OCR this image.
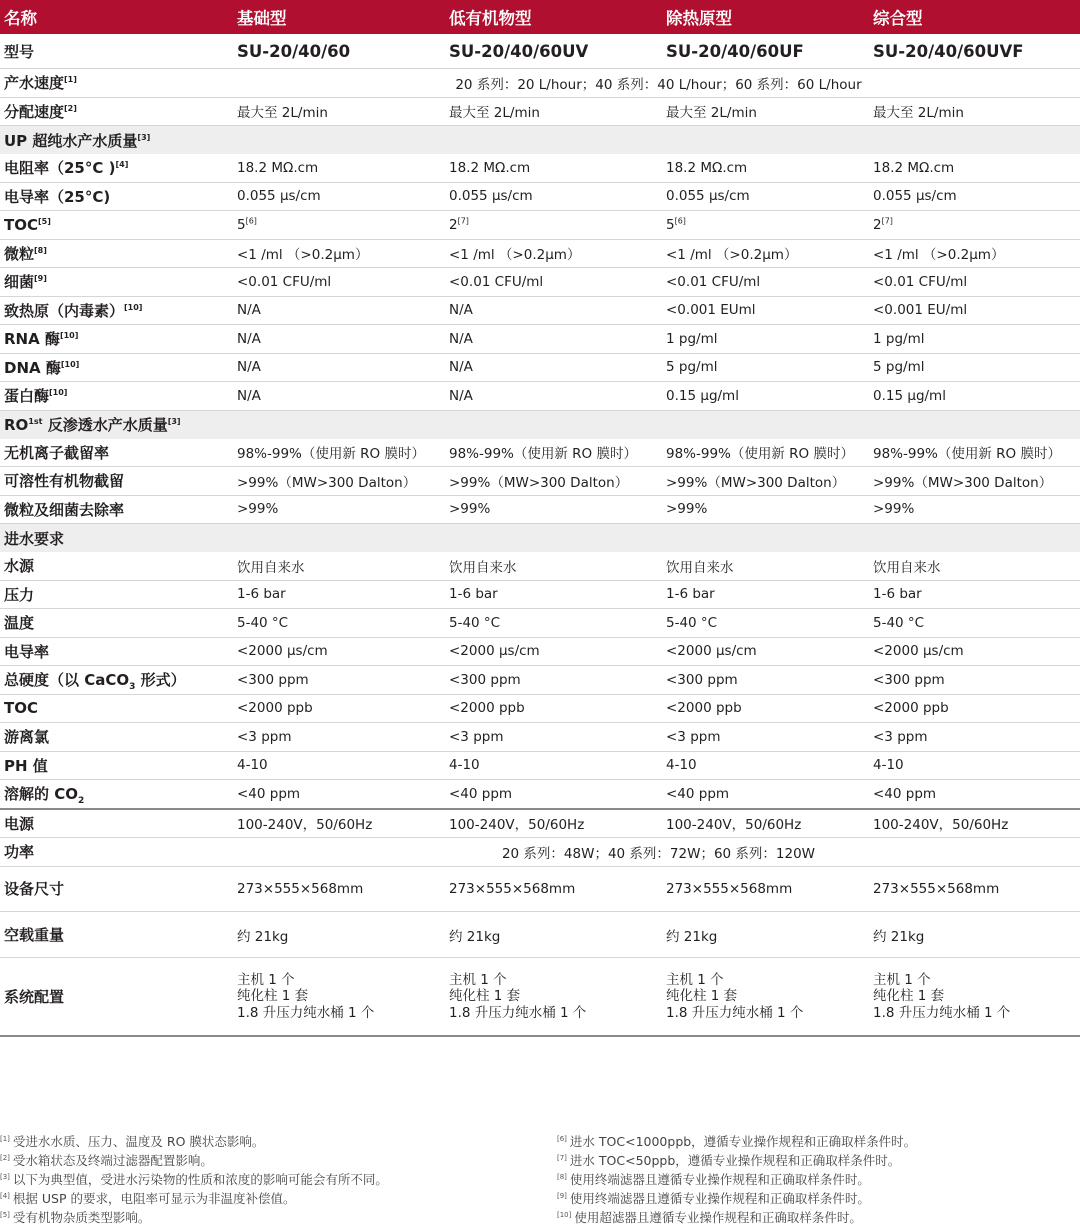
名称	基础型	低有机物型	除热原型	综合型
型号	SU-20/40/60	SU-20/40/60UV	SU-20/40/60UF	SU-20/40/60UVF
产水速度[1]	20 系列：20 L/hour；40 系列：40 L/hour；60 系列：60 L/hour			
分配速度[2]	最大至 2L/min	最大至 2L/min	最大至 2L/min	最大至 2L/min
UP 超纯水产水质量[3]
电阻率（25°C )[4]	18.2 MΩ.cm	18.2 MΩ.cm	18.2 MΩ.cm	18.2 MΩ.cm
电导率（25°C)	0.055 µs/cm	0.055 µs/cm	0.055 µs/cm	0.055 µs/cm
TOC[5]	5[6]	2[7]	5[6]	2[7]
微粒[8]	<1 /ml （>0.2µm）	<1 /ml （>0.2µm）	<1 /ml （>0.2µm）	<1 /ml （>0.2µm）
细菌[9]	<0.01 CFU/ml	<0.01 CFU/ml	<0.01 CFU/ml	<0.01 CFU/ml
致热原（内毒素）[10]	N/A	N/A	<0.001 EUml	<0.001 EU/ml
RNA 酶[10]	N/A	N/A	1 pg/ml	1 pg/ml
DNA 酶[10]	N/A	N/A	5 pg/ml	5 pg/ml
蛋白酶[10]	N/A	N/A	0.15 µg/ml	0.15 µg/ml
$RO^{1st}$ 反渗透水产水质量[3]
无机离子截留率	98%-99%（使用新 RO 膜时）	98%-99%（使用新 RO 膜时）	98%-99%（使用新 RO 膜时）	98%-99%（使用新 RO 膜时）
可溶性有机物截留	>99%（MW>300 Dalton）	>99%（MW>300 Dalton）	>99%（MW>300 Dalton）	>99%（MW>300 Dalton）
微粒及细菌去除率	>99%	>99%	>99%	>99%
进水要求				
水源	饮用自来水	饮用自来水	饮用自来水	饮用自来水
压力	1-6 bar	1-6 bar	1-6 bar	1-6 bar
温度	5-40 °C	5-40 °C	5-40 °C	5-40 °C
电导率	<2000 µs/cm	<2000 µs/cm	<2000 µs/cm	<2000 µs/cm
总硬度（以 CaCO$_3$ 形式）	<300 ppm	<300 ppm	<300 ppm	<300 ppm
TOC	<2000 ppb	<2000 ppb	<2000 ppb	<2000 ppb
游离氯	<3 ppm	<3 ppm	<3 ppm	<3 ppm
PH 值	4-10	4-10	4-10	4-10
溶解的 $CO_2$	<40 ppm	<40 ppm	<40 ppm	<40 ppm
电源	100-240V，50/60Hz	100-240V，50/60Hz	100-240V，50/60Hz	100-240V，50/60Hz
功率	20 系列：48W；40 系列：72W；60 系列：120W			
设备尺寸	273×555×568mm	273×555×568mm	273×555×568mm	273×555×568mm
空载重量	约 21kg	约 21kg	约 21kg	约 21kg
系统配置	主机 1 个
纯化柱 1 套
1.8 升压力纯水桶 1 个	主机 1 个
纯化柱 1 套
1.8 升压力纯水桶 1 个	主机 1 个
纯化柱 1 套
1.8 升压力纯水桶 1 个	主机 1 个
纯化柱 1 套
1.8 升压力纯水桶 1 个
[1] 受进水水质、压力、温度及 RO 膜状态影响。
[2] 受水箱状态及终端过滤器配置影响。
[3] 以下为典型值，受进水污染物的性质和浓度的影响可能会有所不同。
[4] 根据 USP 的要求，电阻率可显示为非温度补偿值。
[5] 受有机物杂质类型影响。
[6] 进水 TOC<1000ppb，遵循专业操作规程和正确取样条件时。
[7] 进水 TOC<50ppb，遵循专业操作规程和正确取样条件时。
[8] 使用终端滤器且遵循专业操作规程和正确取样条件时。
[9] 使用终端滤器且遵循专业操作规程和正确取样条件时。
[10] 使用超滤器且遵循专业操作规程和正确取样条件时。
